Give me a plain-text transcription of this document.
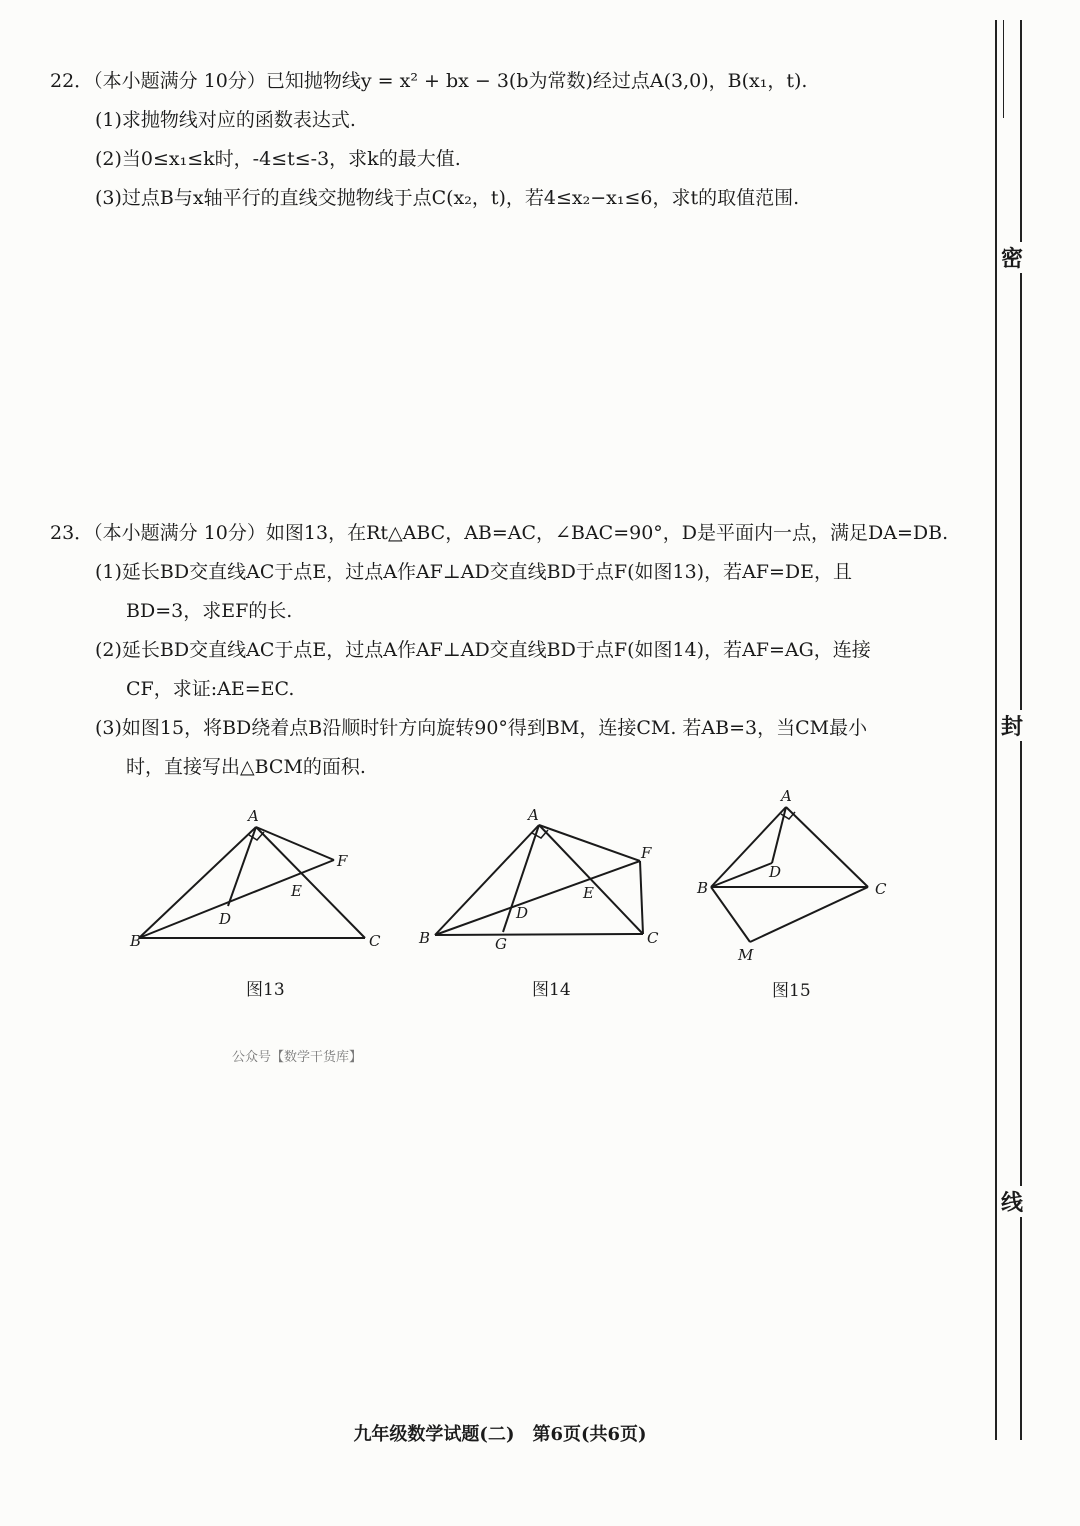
22．（本小题满分 10分）已知抛物线y = x² + bx − 3(b为常数)经过点A(3,0)，B(x₁，t).
(1)求抛物线对应的函数表达式.
(2)当0≤x₁≤k时，-4≤t≤-3，求k的最大值.
(3)过点B与x轴平行的直线交抛物线于点C(x₂，t)，若4≤x₂−x₁≤6，求t的取值范围.
23．（本小题满分 10分）如图13，在Rt△ABC，AB=AC，∠BAC=90°，D是平面内一点，满足DA=DB.
(1)延长BD交直线AC于点E，过点A作AF⊥AD交直线BD于点F(如图13)，若AF=DE，且
BD=3，求EF的长.
(2)延长BD交直线AC于点E，过点A作AF⊥AD交直线BD于点F(如图14)，若AF=AG，连接
CF，求证:AE=EC.
(3)如图15，将BD绕着点B沿顺时针方向旋转90°得到BM，连接CM. 若AB=3，当CM最小
时，直接写出△BCM的面积.
A
F
E
D
B	C
图13
A
F
E
D
B	G	C
图14
A
D
B	C
M
图15
公众号【数学干货库】
九年级数学试题(二)　第6页(共6页)
密
封
线
